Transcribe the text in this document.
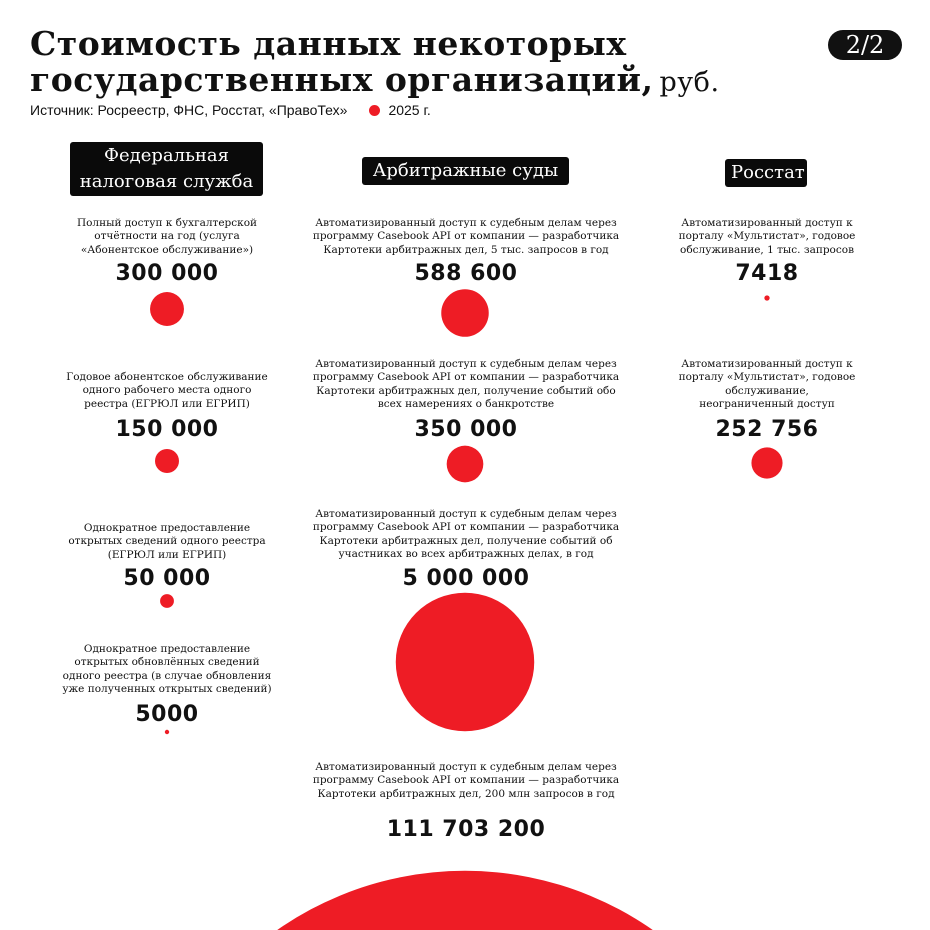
Стоимость данных некоторых государственных организаций, руб.
2/2
Источник: Росреестр, ФНС, Росстат, «ПравоТех»	2025 г.
Федеральная налоговая служба
Арбитражные суды	Росстат
Полный доступ к бухгалтерской отчётности на год (услуга «Абонентское обслуживание»)
300 000
Годовое абонентское обслуживание одного рабочего места одного реестра (ЕГРЮЛ или ЕГРИП)
150 000
Однократное предоставление открытых сведений одного реестра (ЕГРЮЛ или ЕГРИП)
50 000
Однократное предоставление открытых обновлённых сведений одного реестра (в случае обновления уже полученных открытых сведений)
5000
Автоматизированный доступ к судебным делам через программу Casebook API от компании — разработчика Картотеки арбитражных дел, 5 тыс. запросов в год
588 600
Автоматизированный доступ к судебным делам через программу Casebook API от компании — разработчика Картотеки арбитражных дел, получение событий обо всех намерениях о банкротстве
350 000
Автоматизированный доступ к судебным делам через программу Casebook API от компании — разработчика Картотеки арбитражных дел, получение событий об участниках во всех арбитражных делах, в год
5 000 000
Автоматизированный доступ к судебным делам через программу Casebook API от компании — разработчика Картотеки арбитражных дел, 200 млн запросов в год
111 703 200
Автоматизированный доступ к порталу «Мультистат», годовое обслуживание, 1 тыс. запросов
7418
Автоматизированный доступ к порталу «Мультистат», годовое обслуживание, неограниченный доступ
252 756
